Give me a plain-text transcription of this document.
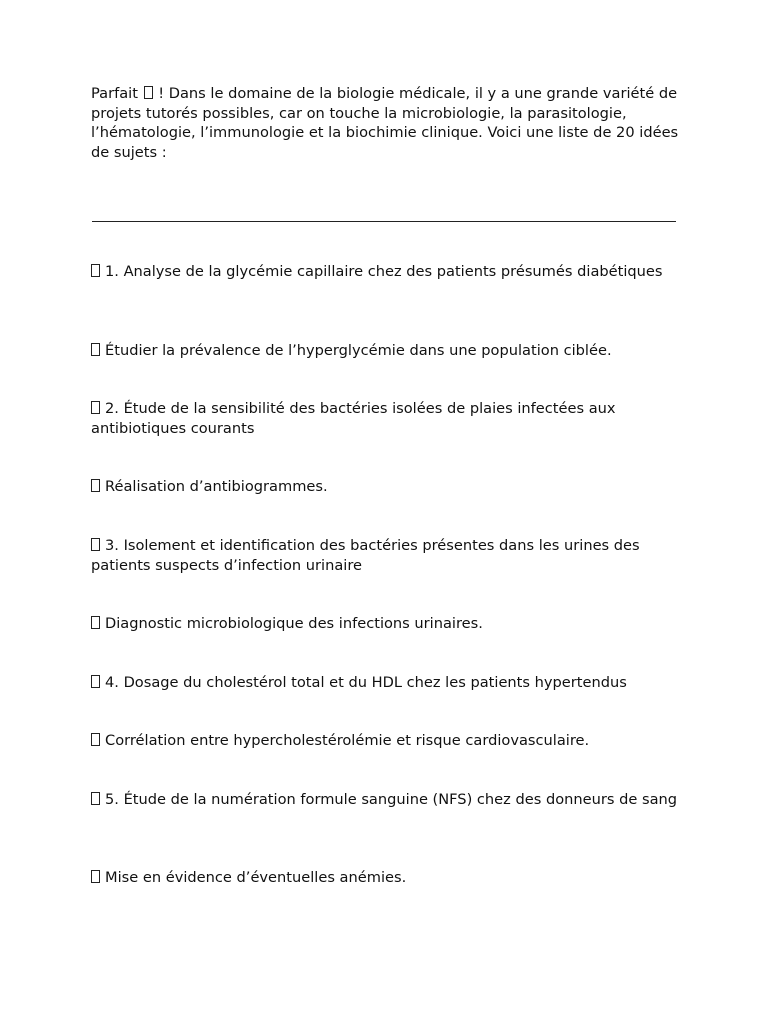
Parfait  ! Dans le domaine de la biologie médicale, il y a une grande variété de projets tutorés possibles, car on touche la microbiologie, la parasitologie, l’hématologie, l’immunologie et la biochimie clinique. Voici une liste de 20 idées de sujets :

1. Analyse de la glycémie capillaire chez des patients présumés diabétiques

Étudier la prévalence de l’hyperglycémie dans une population ciblée.

2. Étude de la sensibilité des bactéries isolées de plaies infectées aux antibiotiques courants

Réalisation d’antibiogrammes.

3. Isolement et identification des bactéries présentes dans les urines des patients suspects d’infection urinaire

Diagnostic microbiologique des infections urinaires.

4. Dosage du cholestérol total et du HDL chez les patients hypertendus

Corrélation entre hypercholestérolémie et risque cardiovasculaire.

5. Étude de la numération formule sanguine (NFS) chez des donneurs de sang

Mise en évidence d’éventuelles anémies.
